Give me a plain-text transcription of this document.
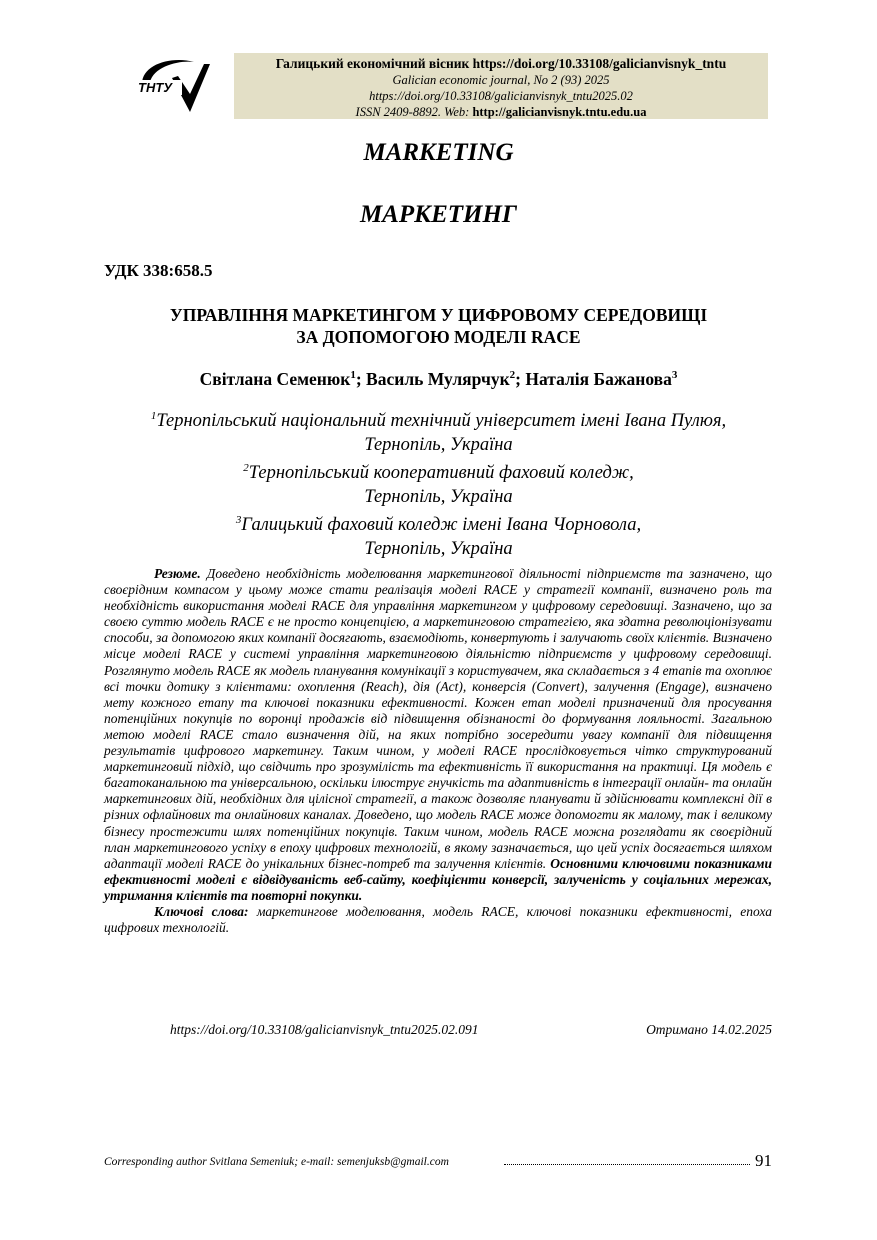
ТНТУ
Галицький економічний вісник https://doi.org/10.33108/galicianvisnyk_tntu
Galician economic journal, No 2 (93) 2025
https://doi.org/10.33108/galicianvisnyk_tntu2025.02
ISSN 2409-8892. Web: http://galicianvisnyk.tntu.edu.ua
MARKETING
МАРКЕТИНГ
УДК 338:658.5
УПРАВЛІННЯ МАРКЕТИНГОМ У ЦИФРОВОМУ СЕРЕДОВИЩІ
ЗА ДОПОМОГОЮ МОДЕЛІ RACE
Світлана Семенюк$^1$; Василь Мулярчук$^2$; Наталія Бажанова$^3$
$^1$Тернопільський національний технічний університет імені Івана Пулюя,
Тернопіль, Україна
$^2$Тернопільський кооперативний фаховий коледж,
Тернопіль, Україна
$^3$Галицький фаховий коледж імені Івана Чорновола,
Тернопіль, Україна

Резюме. Доведено необхідність моделювання маркетингової діяльності підприємств та зазначено, що своєрідним компасом у цьому може стати реалізація моделі RACE у стратегії компанії, визначено роль та необхідність використання моделі RACE для управління маркетингом у цифровому середовищі. Зазначено, що за своєю суттю модель RACE є не просто концепцією, а маркетинговою стратегією, яка здатна революціонізувати способи, за допомогою яких компанії досягають, взаємодіють, конвертують і залучають своїх клієнтів. Визначено місце моделі RACE у системі управління маркетинговою діяльністю підприємств у цифровому середовищі. Розглянуто модель RACE як модель планування комунікації з користувачем, яка складається з 4 етапів та охоплює всі точки дотику з клієнтами: охоплення (Reach), дія (Act), конверсія (Convert), залучення (Engage), визначено мету кожного етапу та ключові показники ефективності. Кожен етап моделі призначений для просування потенційних покупців по воронці продажів від підвищення обізнаності до формування лояльності. Загальною метою моделі RACE стало визначення дій, на яких потрібно зосередити увагу компанії для підвищення результатів цифрового маркетингу. Таким чином, у моделі RACE прослідковується чітко структурований маркетинговий підхід, що свідчить про зрозумілість та ефективність її використання на практиці. Ця модель є багатоканальною та універсальною, оскільки ілюструє гнучкість та адаптивність в інтеграції онлайн- та онлайн маркетингових дій, необхідних для цілісної стратегії, а також дозволяє планувати й здійснювати комплексні дії в різних офлайнових та онлайнових каналах. Доведено, що модель RACE може допомогти як малому, так і великому бізнесу простежити шлях потенційних покупців. Таким чином, модель RACE можна розглядати як своєрідний план маркетингового успіху в епоху цифрових технологій, в якому зазначається, що цей успіх досягається шляхом адаптації моделі RACE до унікальних бізнес-потреб та залучення клієнтів. Основними ключовими показниками ефективності моделі є відвідуваність веб-сайту, коефіцієнти конверсії, залученість у соціальних мережах, утримання клієнтів та повторні покупки.

Ключові слова: маркетингове моделювання, модель RACE, ключові показники ефективності, епоха цифрових технологій.

https://doi.org/10.33108/galicianvisnyk_tntu2025.02.091	Отримано 14.02.2025
Corresponding author Svitlana Semeniuk; e-mail: semenjuksb@gmail.com	91
